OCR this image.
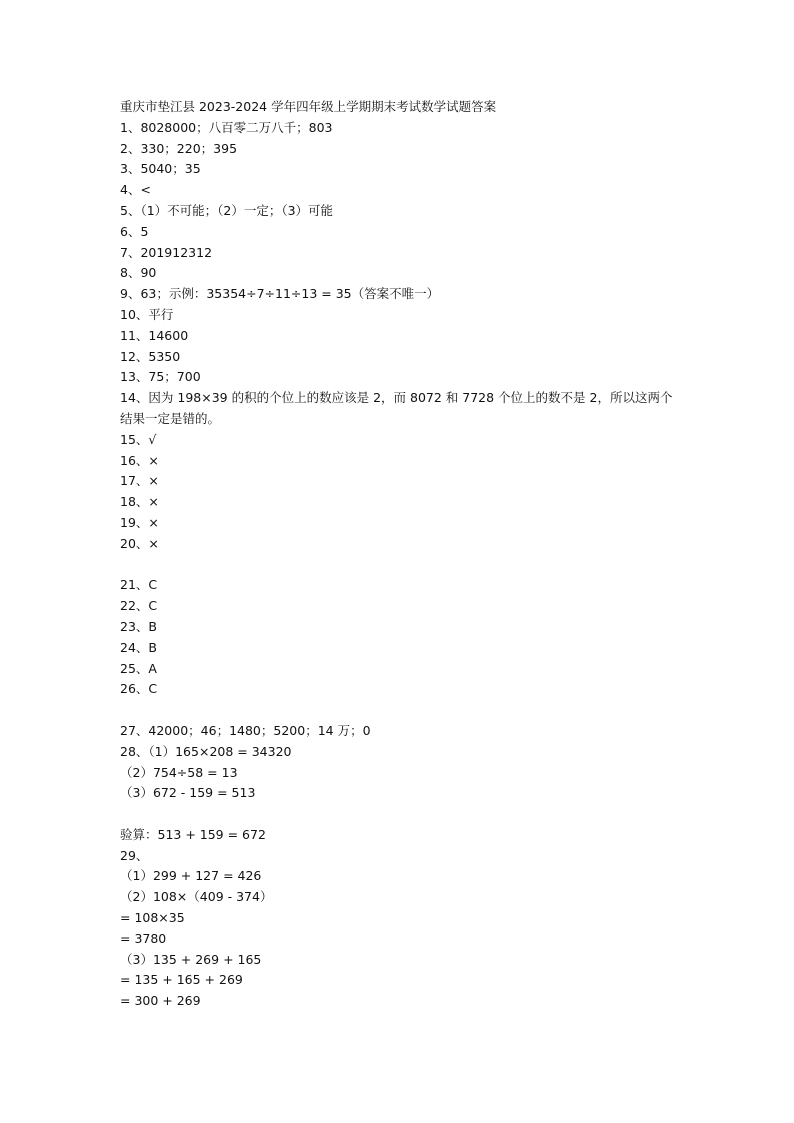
重庆市垫江县 2023-2024 学年四年级上学期期末考试数学试题答案
1、8028000；八百零二万八千；803
2、330；220；395
3、5040；35
4、<
5、（1）不可能；（2）一定；（3）可能
6、5
7、201912312
8、90
9、63；示例：35354÷7÷11÷13 = 35（答案不唯一）
10、平行
11、14600
12、5350
13、75；700
14、因为 198×39 的积的个位上的数应该是 2，而 8072 和 7728 个位上的数不是 2，所以这两个结果一定是错的。
15、√
16、×
17、×
18、×
19、×
20、×
21、C
22、C
23、B
24、B
25、A
26、C
27、42000；46；1480；5200；14 万；0
28、（1）165×208 = 34320
（2）754÷58 = 13
（3）672 - 159 = 513
验算：513 + 159 = 672
29、
（1）299 + 127 = 426
（2）108×（409 - 374）
= 108×35
= 3780
（3）135 + 269 + 165
= 135 + 165 + 269
= 300 + 269
